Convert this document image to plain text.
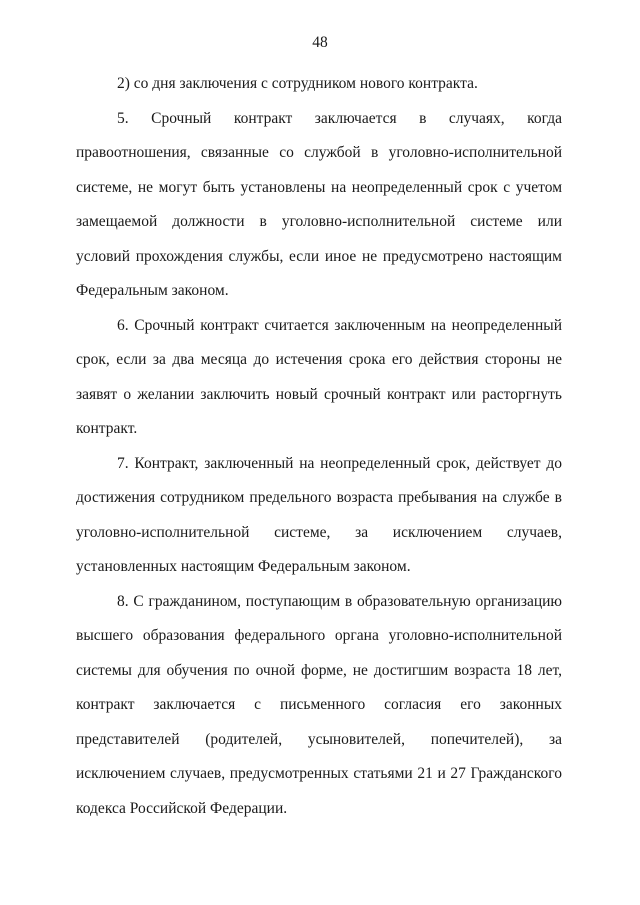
48

2) со дня заключения с сотрудником нового контракта.

5. Срочный контракт заключается в случаях, когда правоотношения, связанные со службой в уголовно-исполнительной системе, не могут быть установлены на неопределенный срок с учетом замещаемой должности в уголовно-исполнительной системе или условий прохождения службы, если иное не предусмотрено настоящим Федеральным законом.

6. Срочный контракт считается заключенным на неопределенный срок, если за два месяца до истечения срока его действия стороны не заявят о желании заключить новый срочный контракт или расторгнуть контракт.

7. Контракт, заключенный на неопределенный срок, действует до достижения сотрудником предельного возраста пребывания на службе в уголовно-исполнительной системе, за исключением случаев, установленных настоящим Федеральным законом.

8. С гражданином, поступающим в образовательную организацию высшего образования федерального органа уголовно-исполнительной системы для обучения по очной форме, не достигшим возраста 18 лет, контракт заключается с письменного согласия его законных представителей (родителей, усыновителей, попечителей), за исключением случаев, предусмотренных статьями 21 и 27 Гражданского кодекса Российской Федерации.
